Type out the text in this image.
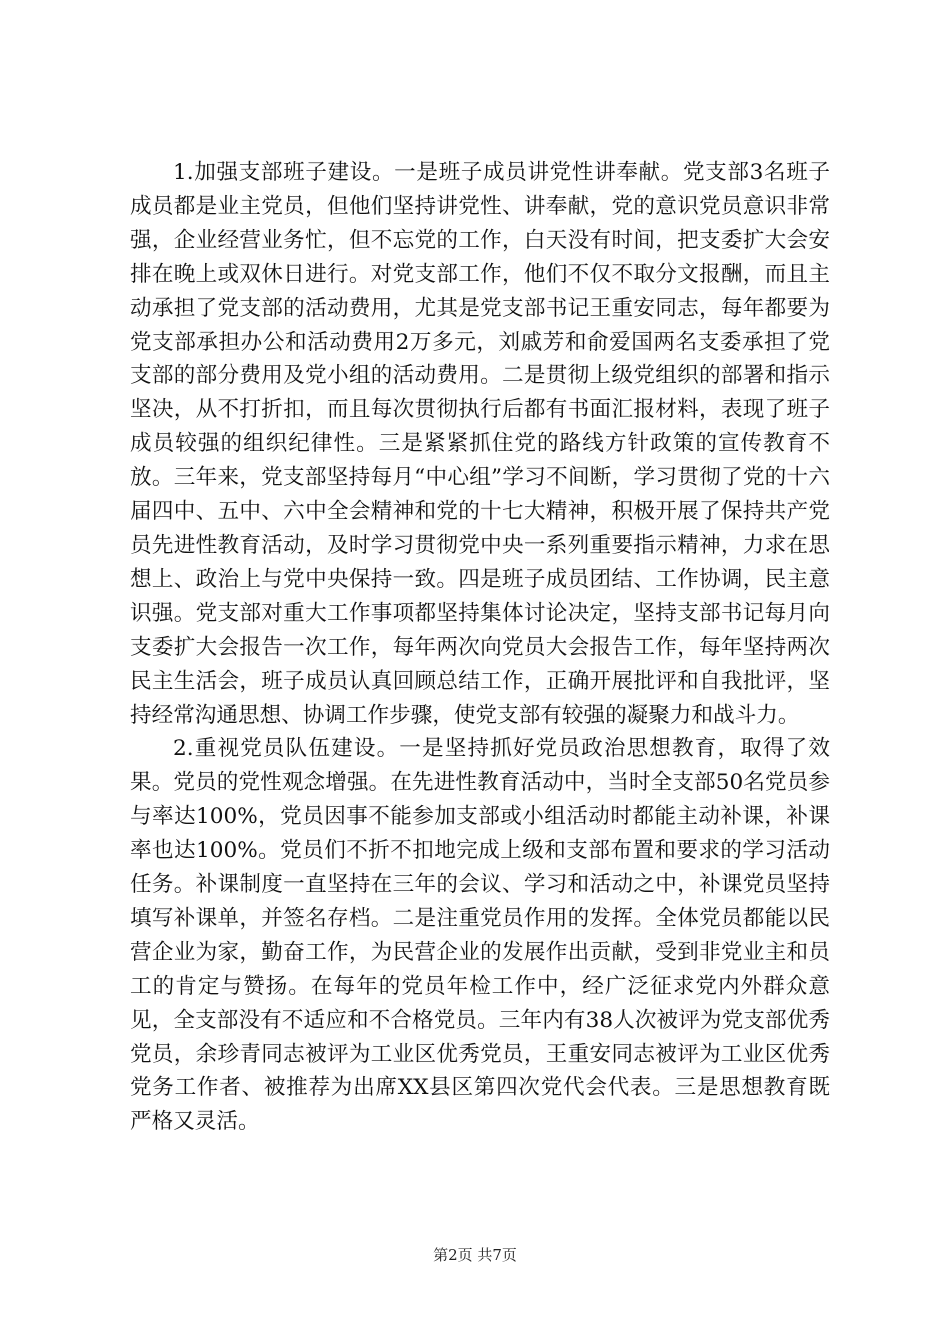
1.加强支部班子建设。一是班子成员讲党性讲奉献。党支部3名班子成员都是业主党员，但他们坚持讲党性、讲奉献，党的意识党员意识非常强，企业经营业务忙，但不忘党的工作，白天没有时间，把支委扩大会安排在晚上或双休日进行。对党支部工作，他们不仅不取分文报酬，而且主动承担了党支部的活动费用，尤其是党支部书记王重安同志，每年都要为党支部承担办公和活动费用2万多元，刘戚芳和俞爱国两名支委承担了党支部的部分费用及党小组的活动费用。二是贯彻上级党组织的部署和指示坚决，从不打折扣，而且每次贯彻执行后都有书面汇报材料，表现了班子成员较强的组织纪律性。三是紧紧抓住党的路线方针政策的宣传教育不放。三年来，党支部坚持每月“中心组”学习不间断，学习贯彻了党的十六届四中、五中、六中全会精神和党的十七大精神，积极开展了保持共产党员先进性教育活动，及时学习贯彻党中央一系列重要指示精神，力求在思想上、政治上与党中央保持一致。四是班子成员团结、工作协调，民主意识强。党支部对重大工作事项都坚持集体讨论决定，坚持支部书记每月向支委扩大会报告一次工作，每年两次向党员大会报告工作，每年坚持两次民主生活会，班子成员认真回顾总结工作，正确开展批评和自我批评，坚持经常沟通思想、协调工作步骤，使党支部有较强的凝聚力和战斗力。

2.重视党员队伍建设。一是坚持抓好党员政治思想教育，取得了效果。党员的党性观念增强。在先进性教育活动中，当时全支部50名党员参与率达100%，党员因事不能参加支部或小组活动时都能主动补课，补课率也达100%。党员们不折不扣地完成上级和支部布置和要求的学习活动任务。补课制度一直坚持在三年的会议、学习和活动之中，补课党员坚持填写补课单，并签名存档。二是注重党员作用的发挥。全体党员都能以民营企业为家，勤奋工作，为民营企业的发展作出贡献，受到非党业主和员工的肯定与赞扬。在每年的党员年检工作中，经广泛征求党内外群众意见，全支部没有不适应和不合格党员。三年内有38人次被评为党支部优秀党员，余珍青同志被评为工业区优秀党员，王重安同志被评为工业区优秀党务工作者、被推荐为出席XX县区第四次党代会代表。三是思想教育既严格又灵活。

第2页 共7页
